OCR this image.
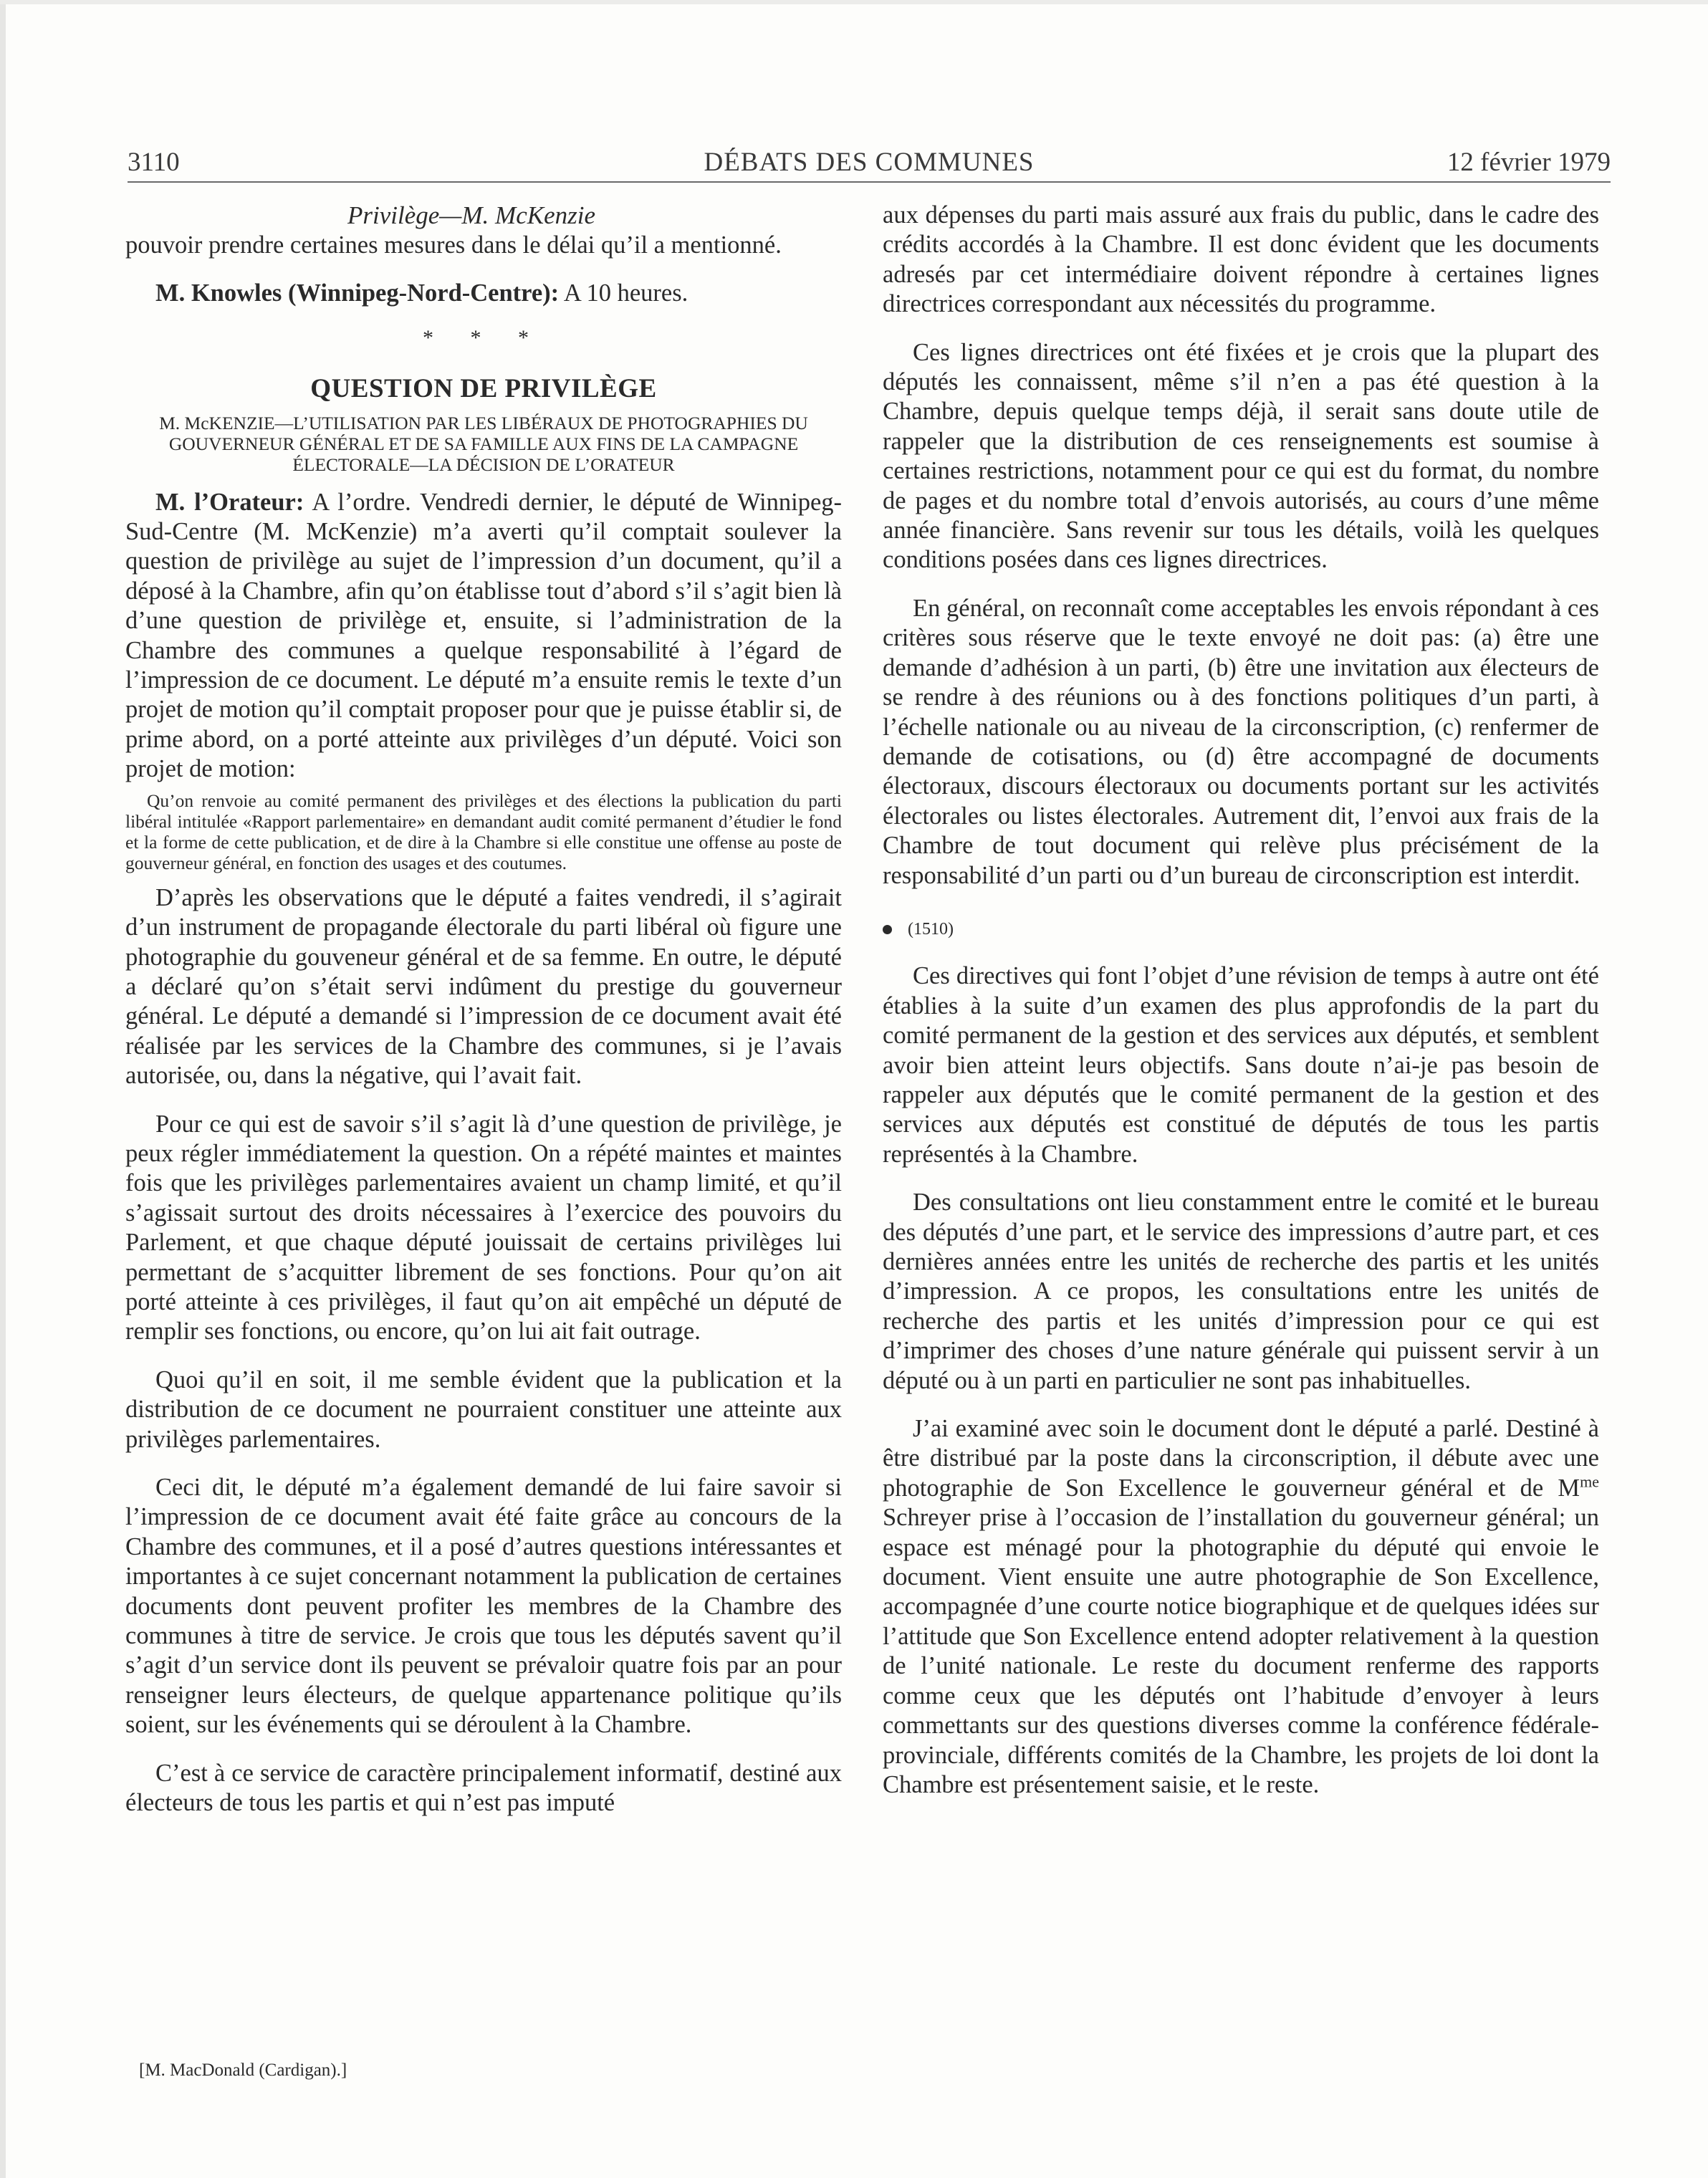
3110	DÉBATS DES COMMUNES	12 février 1979
Privilège—M. McKenzie

pouvoir prendre certaines mesures dans le délai qu’il a mentionné.

M. Knowles (Winnipeg-Nord-Centre): A 10 heures.

* * *
QUESTION DE PRIVILÈGE
M. McKENZIE—L’UTILISATION PAR LES LIBÉRAUX DE PHOTOGRAPHIES DU GOUVERNEUR GÉNÉRAL ET DE SA FAMILLE AUX FINS DE LA CAMPAGNE ÉLECTORALE—LA DÉCISION DE L’ORATEUR

M. l’Orateur: A l’ordre. Vendredi dernier, le député de Winnipeg-Sud-Centre (M. McKenzie) m’a averti qu’il comptait soulever la question de privilège au sujet de l’impression d’un document, qu’il a déposé à la Chambre, afin qu’on établisse tout d’abord s’il s’agit bien là d’une question de privilège et, ensuite, si l’administration de la Chambre des communes a quelque responsabilité à l’égard de l’impression de ce document. Le député m’a ensuite remis le texte d’un projet de motion qu’il comptait proposer pour que je puisse établir si, de prime abord, on a porté atteinte aux privilèges d’un député. Voici son projet de motion:

Qu’on renvoie au comité permanent des privilèges et des élections la publication du parti libéral intitulée «Rapport parlementaire» en demandant audit comité permanent d’étudier le fond et la forme de cette publication, et de dire à la Chambre si elle constitue une offense au poste de gouverneur général, en fonction des usages et des coutumes.

D’après les observations que le député a faites vendredi, il s’agirait d’un instrument de propagande électorale du parti libéral où figure une photographie du gouveneur général et de sa femme. En outre, le député a déclaré qu’on s’était servi indûment du prestige du gouverneur général. Le député a demandé si l’impression de ce document avait été réalisée par les services de la Chambre des communes, si je l’avais autorisée, ou, dans la négative, qui l’avait fait.

Pour ce qui est de savoir s’il s’agit là d’une question de privilège, je peux régler immédiatement la question. On a répété maintes et maintes fois que les privilèges parlementaires avaient un champ limité, et qu’il s’agissait surtout des droits nécessaires à l’exercice des pouvoirs du Parlement, et que chaque député jouissait de certains privilèges lui permettant de s’acquitter librement de ses fonctions. Pour qu’on ait porté atteinte à ces privilèges, il faut qu’on ait empêché un député de remplir ses fonctions, ou encore, qu’on lui ait fait outrage.

Quoi qu’il en soit, il me semble évident que la publication et la distribution de ce document ne pourraient constituer une atteinte aux privilèges parlementaires.

Ceci dit, le député m’a également demandé de lui faire savoir si l’impression de ce document avait été faite grâce au concours de la Chambre des communes, et il a posé d’autres questions intéressantes et importantes à ce sujet concernant notamment la publication de certaines documents dont peuvent profiter les membres de la Chambre des communes à titre de service. Je crois que tous les députés savent qu’il s’agit d’un service dont ils peuvent se prévaloir quatre fois par an pour renseigner leurs électeurs, de quelque appartenance politique qu’ils soient, sur les événements qui se déroulent à la Chambre.

C’est à ce service de caractère principalement informatif, destiné aux électeurs de tous les partis et qui n’est pas imputé

[M. MacDonald (Cardigan).]

aux dépenses du parti mais assuré aux frais du public, dans le cadre des crédits accordés à la Chambre. Il est donc évident que les documents adresés par cet intermédiaire doivent répondre à certaines lignes directrices correspondant aux nécessités du programme.

Ces lignes directrices ont été fixées et je crois que la plupart des députés les connaissent, même s’il n’en a pas été question à la Chambre, depuis quelque temps déjà, il serait sans doute utile de rappeler que la distribution de ces renseignements est soumise à certaines restrictions, notamment pour ce qui est du format, du nombre de pages et du nombre total d’envois autorisés, au cours d’une même année financière. Sans revenir sur tous les détails, voilà les quelques conditions posées dans ces lignes directrices.

En général, on reconnaît come acceptables les envois répondant à ces critères sous réserve que le texte envoyé ne doit pas: (a) être une demande d’adhésion à un parti, (b) être une invitation aux électeurs de se rendre à des réunions ou à des fonctions politiques d’un parti, à l’échelle nationale ou au niveau de la circonscription, (c) renfermer de demande de cotisations, ou (d) être accompagné de documents électoraux, discours électoraux ou documents portant sur les activités électorales ou listes électorales. Autrement dit, l’envoi aux frais de la Chambre de tout document qui relève plus précisément de la responsabilité d’un parti ou d’un bureau de circonscription est interdit.

(1510)

Ces directives qui font l’objet d’une révision de temps à autre ont été établies à la suite d’un examen des plus approfondis de la part du comité permanent de la gestion et des services aux députés, et semblent avoir bien atteint leurs objectifs. Sans doute n’ai-je pas besoin de rappeler aux députés que le comité permanent de la gestion et des services aux députés est constitué de députés de tous les partis représentés à la Chambre.

Des consultations ont lieu constamment entre le comité et le bureau des députés d’une part, et le service des impressions d’autre part, et ces dernières années entre les unités de recherche des partis et les unités d’impression. A ce propos, les consultations entre les unités de recherche des partis et les unités d’impression pour ce qui est d’imprimer des choses d’une nature générale qui puissent servir à un député ou à un parti en particulier ne sont pas inhabituelles.

J’ai examiné avec soin le document dont le député a parlé. Destiné à être distribué par la poste dans la circonscription, il débute avec une photographie de Son Excellence le gouverneur général et de $M^{me}$ Schreyer prise à l’occasion de l’installation du gouverneur général; un espace est ménagé pour la photographie du député qui envoie le document. Vient ensuite une autre photographie de Son Excellence, accompagnée d’une courte notice biographique et de quelques idées sur l’attitude que Son Excellence entend adopter relativement à la question de l’unité nationale. Le reste du document renferme des rapports comme ceux que les députés ont l’habitude d’envoyer à leurs commettants sur des questions diverses comme la conférence fédérale-provinciale, différents comités de la Chambre, les projets de loi dont la Chambre est présentement saisie, et le reste.
